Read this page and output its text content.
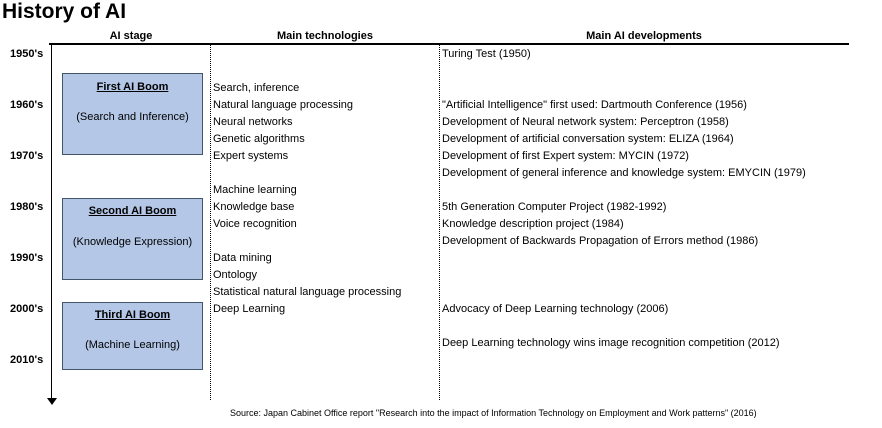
History of AI
AI stage	Main technologies	Main AI developments
1950's
1960's
1970's
1980's
1990's
2000's
2010's
First AI Boom
(Search and Inference)
Second AI Boom
(Knowledge Expression)
Third AI Boom
(Machine Learning)
Search, inference
Natural language processing
Neural networks
Genetic algorithms
Expert systems
Machine learning
Knowledge base
Voice recognition
Data mining
Ontology
Statistical natural language processing
Deep Learning
Turing Test (1950)
"Artificial Intelligence" first used: Dartmouth Conference (1956)
Development of Neural network system: Perceptron (1958)
Development of artificial conversation system: ELIZA (1964)
Development of first Expert system: MYCIN (1972)
Development of general inference and knowledge system: EMYCIN (1979)
5th Generation Computer Project (1982-1992)
Knowledge description project (1984)
Development of Backwards Propagation of Errors method (1986)
Advocacy of Deep Learning technology (2006)
Deep Learning technology wins image recognition competition (2012)
Source: Japan Cabinet Office report "Research into the impact of Information Technology on Employment and Work patterns" (2016)
